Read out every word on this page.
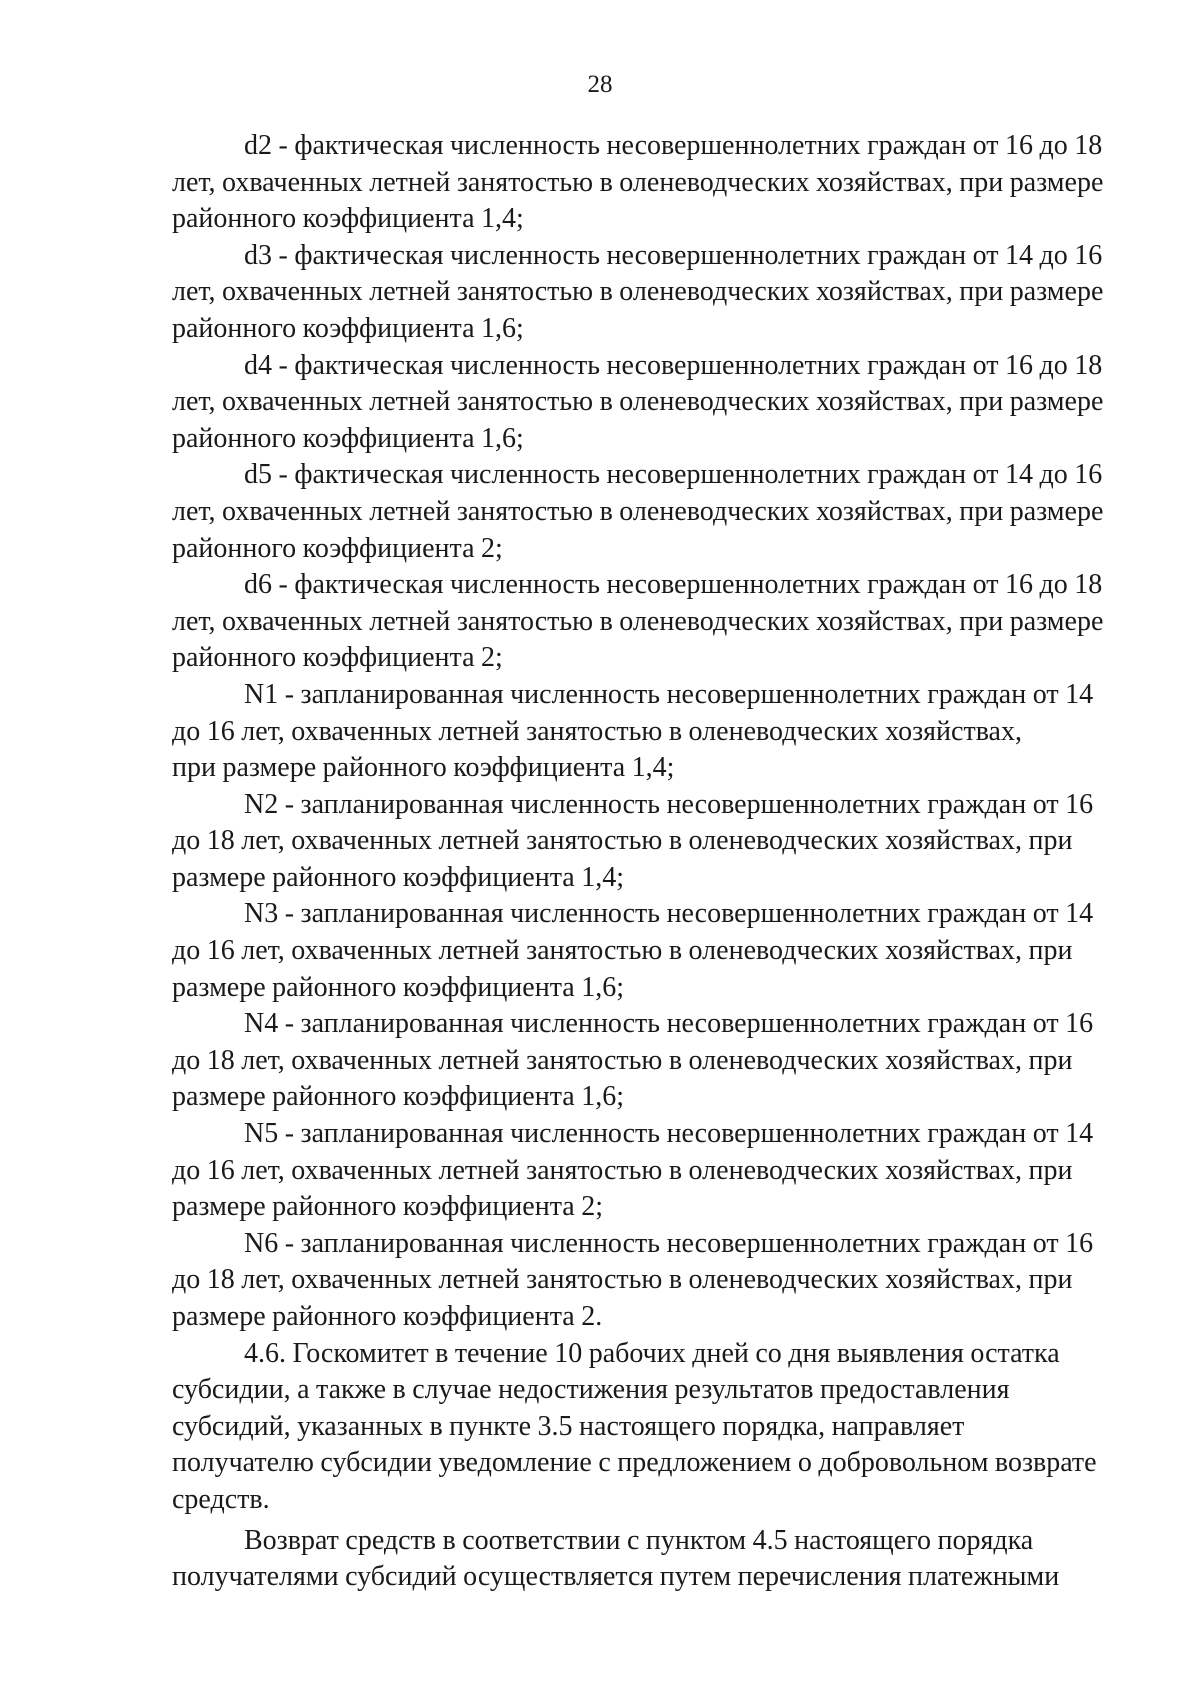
28

d2 - фактическая численность несовершеннолетних граждан от 16 до 18
лет, охваченных летней занятостью в оленеводческих хозяйствах, при размере
районного коэффициента 1,4;

d3 - фактическая численность несовершеннолетних граждан от 14 до 16
лет, охваченных летней занятостью в оленеводческих хозяйствах, при размере
районного коэффициента 1,6;

d4 - фактическая численность несовершеннолетних граждан от 16 до 18
лет, охваченных летней занятостью в оленеводческих хозяйствах, при размере
районного коэффициента 1,6;

d5 - фактическая численность несовершеннолетних граждан от 14 до 16
лет, охваченных летней занятостью в оленеводческих хозяйствах, при размере
районного коэффициента 2;

d6 - фактическая численность несовершеннолетних граждан от 16 до 18
лет, охваченных летней занятостью в оленеводческих хозяйствах, при размере
районного коэффициента 2;

N1 - запланированная численность несовершеннолетних граждан от 14
до 16 лет, охваченных летней занятостью в оленеводческих хозяйствах,
при размере районного коэффициента 1,4;

N2 - запланированная численность несовершеннолетних граждан от 16
до 18 лет, охваченных летней занятостью в оленеводческих хозяйствах, при
размере районного коэффициента 1,4;

N3 - запланированная численность несовершеннолетних граждан от 14
до 16 лет, охваченных летней занятостью в оленеводческих хозяйствах, при
размере районного коэффициента 1,6;

N4 - запланированная численность несовершеннолетних граждан от 16
до 18 лет, охваченных летней занятостью в оленеводческих хозяйствах, при
размере районного коэффициента 1,6;

N5 - запланированная численность несовершеннолетних граждан от 14
до 16 лет, охваченных летней занятостью в оленеводческих хозяйствах, при
размере районного коэффициента 2;

N6 - запланированная численность несовершеннолетних граждан от 16
до 18 лет, охваченных летней занятостью в оленеводческих хозяйствах, при
размере районного коэффициента 2.

4.6. Госкомитет в течение 10 рабочих дней со дня выявления остатка
субсидии, а также в случае недостижения результатов предоставления
субсидий, указанных в пункте 3.5 настоящего порядка, направляет
получателю субсидии уведомление с предложением о добровольном возврате
средств.

Возврат средств в соответствии с пунктом 4.5 настоящего порядка
получателями субсидий осуществляется путем перечисления платежными
